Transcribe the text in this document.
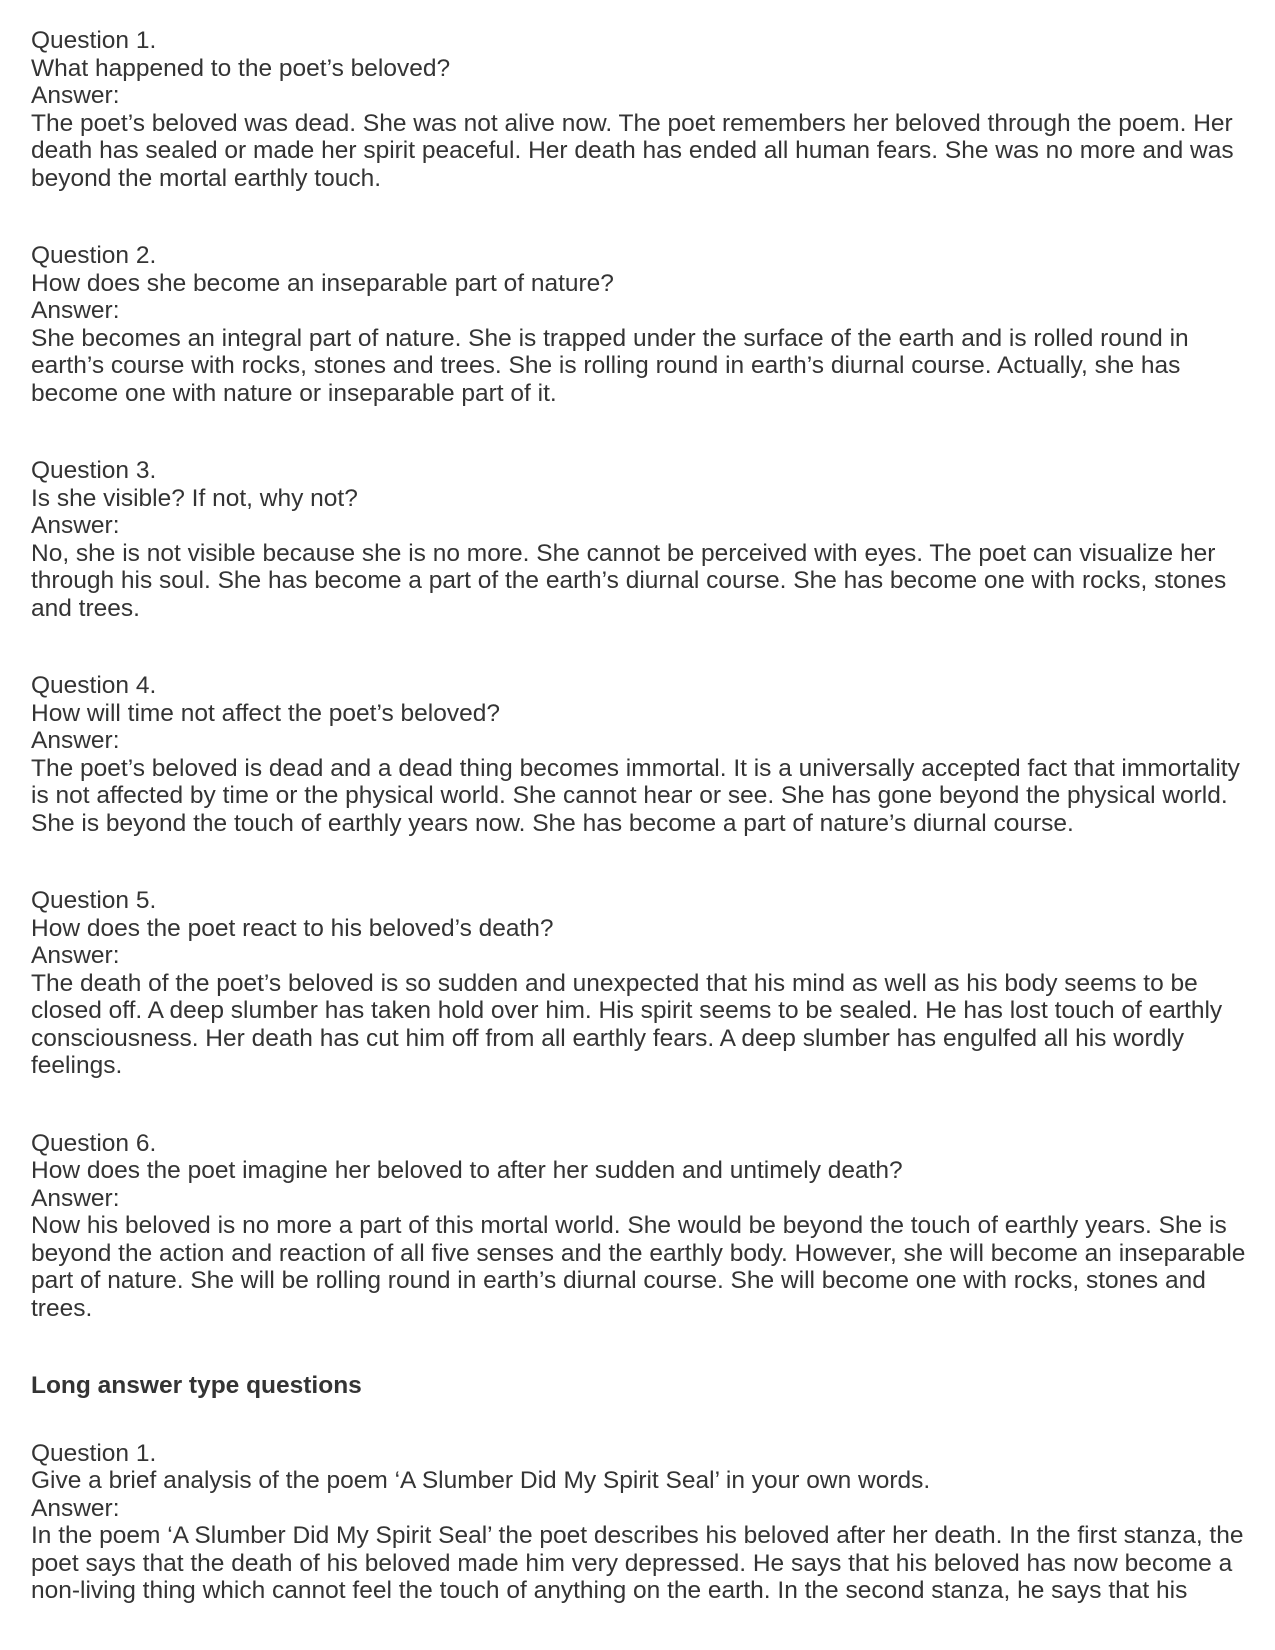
Question 1.
What happened to the poet’s beloved?
Answer:
The poet’s beloved was dead. She was not alive now. The poet remembers her beloved through the poem. Her death has sealed or made her spirit peaceful. Her death has ended all human fears. She was no more and was beyond the mortal earthly touch.
Question 2.
How does she become an inseparable part of nature?
Answer:
She becomes an integral part of nature. She is trapped under the surface of the earth and is rolled round in earth’s course with rocks, stones and trees. She is rolling round in earth’s diurnal course. Actually, she has become one with nature or inseparable part of it.
Question 3.
Is she visible? If not, why not?
Answer:
No, she is not visible because she is no more. She cannot be perceived with eyes. The poet can visualize her through his soul. She has become a part of the earth’s diurnal course. She has become one with rocks, stones and trees.
Question 4.
How will time not affect the poet’s beloved?
Answer:
The poet’s beloved is dead and a dead thing becomes immortal. It is a universally accepted fact that immortality is not affected by time or the physical world. She cannot hear or see. She has gone beyond the physical world. She is beyond the touch of earthly years now. She has become a part of nature’s diurnal course.
Question 5.
How does the poet react to his beloved’s death?
Answer:
The death of the poet’s beloved is so sudden and unexpected that his mind as well as his body seems to be closed off. A deep slumber has taken hold over him. His spirit seems to be sealed. He has lost touch of earthly consciousness. Her death has cut him off from all earthly fears. A deep slumber has engulfed all his wordly feelings.
Question 6.
How does the poet imagine her beloved to after her sudden and untimely death?
Answer:
Now his beloved is no more a part of this mortal world. She would be beyond the touch of earthly years. She is beyond the action and reaction of all five senses and the earthly body. However, she will become an inseparable part of nature. She will be rolling round in earth’s diurnal course. She will become one with rocks, stones and trees.
Long answer type questions
Question 1.
Give a brief analysis of the poem ‘A Slumber Did My Spirit Seal’ in your own words.
Answer:
In the poem ‘A Slumber Did My Spirit Seal’ the poet describes his beloved after her death. In the first stanza, the poet says that the death of his beloved made him very depressed. He says that his beloved has now become a non-living thing which cannot feel the touch of anything on the earth. In the second stanza, he says that his
